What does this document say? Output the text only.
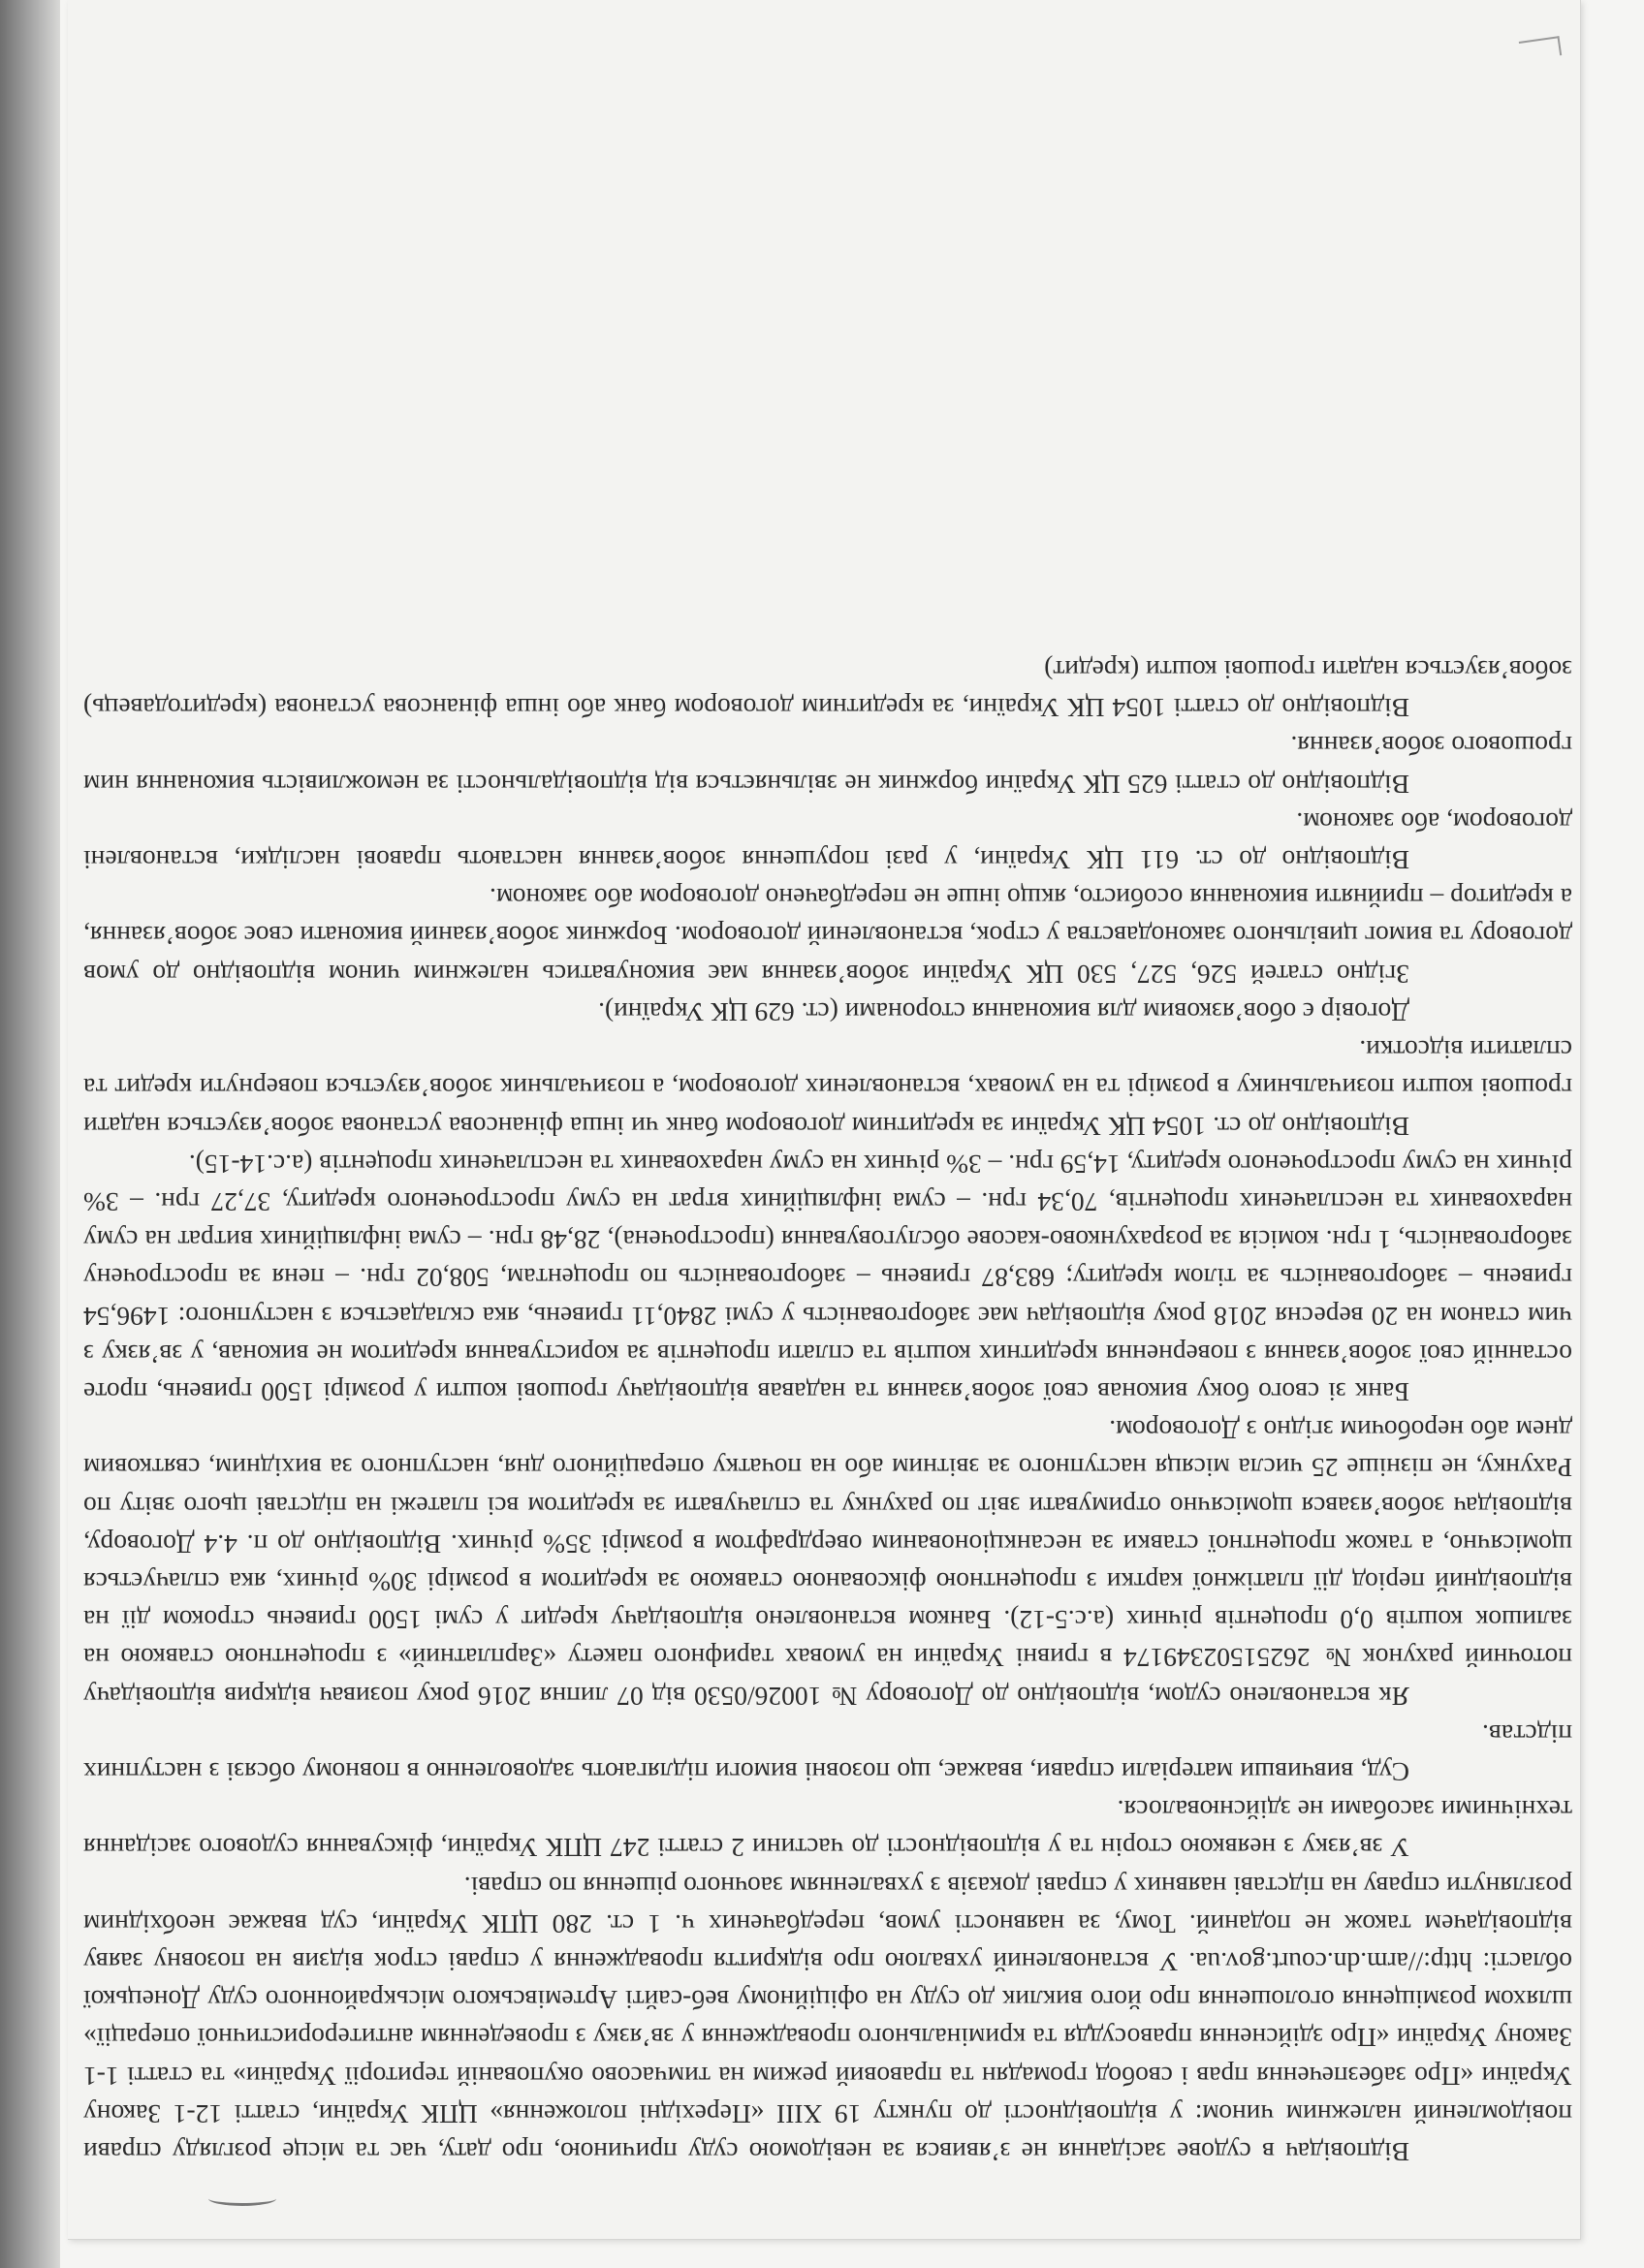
Відповідач в судове засідання не з’явився за невідомою суду причиною, про дату, час та місце розгляду справи повідомлений належним чином: у відповідності до пункту 19 ХІІІ «Перехідні положення» ЦПК України, статті 12-1 Закону України «Про забезпечення прав і свобод громадян та правовий режим на тимчасово окупованій території України» та статті 1-1 Закону України «Про здійснення правосуддя та кримінального провадження у зв’язку з проведенням антитерористичної операції» шляхом розміщення оголошення про його виклик до суду на офіційному веб-сайті Артемівського міськрайонного суду Донецької області: http://arm.dn.court.gov.ua. У встановлений ухвалою про відкриття провадження у справі строк відзив на позовну заяву відповідачем також не поданий. Тому, за наявності умов, передбачених ч. 1 ст. 280 ЦПК України, суд вважає необхідним розглянути справу на підставі наявних у справі доказів з ухваленням заочного рішення по справі.

У зв’язку з неявкою сторін та у відповідності до частини 2 статті 247 ЦПК України, фіксування судового засідання технічними засобами не здійснювалося.

Суд, вивчивши матеріали справи, вважає, що позовні вимоги підлягають задоволенню в повному обсязі з наступних підстав.

Як встановлено судом, відповідно до Договору № 10026/0530 від 07 липня 2016 року позивач відкрив відповідачу поточний рахунок № 26251502349174 в гривні України на умовах тарифного пакету «Зарплатний» з процентною ставкою на залишок коштів 0,0 процентів річних (а.с.5-12). Банком встановлено відповідачу кредит у сумі 1500 гривень строком дії на відповідний період дії платіжної картки з процентною фіксованою ставкою за кредитом в розмірі 30% річних, яка сплачується щомісячно, а також процентної ставки за несанкціонованим овердрафтом в розмірі 35% річних. Відповідно до п. 4.4 Договору, відповідач зобов’язався щомісячно отримувати звіт по рахунку та сплачувати за кредитом всі платежі на підставі цього звіту по Рахунку, не пізніше 25 числа місяця наступного за звітним або на початку операційного дня, наступного за вихідним, святковим днем або неробочим згідно з Договором.

Банк зі свого боку виконав свої зобов’язання та надавав відповідачу грошові кошти у розмірі 1500 гривень, проте останній свої зобов’язання з повернення кредитних коштів та сплати процентів за користування кредитом не виконав, у зв’язку з чим станом на 20 вересня 2018 року відповідач має заборгованість у сумі 2840,11 гривень, яка складається з наступного: 1496,54 гривень – заборгованість за тілом кредиту; 683,87 гривень – заборгованість по процентам, 508,02 грн. – пеня за прострочену заборгованість, 1 грн. комісія за розрахунково-касове обслуговування (прострочена), 28,48 грн. – сума інфляційних витрат на суму нарахованих та несплачених процентів, 70,34 грн. – сума інфляційних втрат на суму простроченого кредиту, 37,27 грн. – 3% річних на суму простроченого кредиту, 14,59 грн. – 3% річних на суму нарахованих та несплачених процентів (а.с.14-15).

Відповідно до ст. 1054 ЦК України за кредитним договором банк чи інша фінансова установа зобов’язується надати грошові кошти позичальнику в розмірі та на умовах, встановлених договором, а позичальник зобов’язується повернути кредит та сплатити відсотки.

Договір є обов’язковим для виконання сторонами (ст. 629 ЦК України).

Згідно статей 526, 527, 530 ЦК України зобов’язання має виконуватись належним чином відповідно до умов договору та вимог цивільного законодавства у строк, встановлений договором. Боржник зобов’язаний виконати своє зобов’язання, а кредитор – прийняти виконання особисто, якщо інше не передбачено договором або законом.

Відповідно до ст. 611 ЦК України, у разі порушення зобов’язання настають правові наслідки, встановлені договором, або законом.

Відповідно до статті 625 ЦК України боржник не звільняється від відповідальності за неможливість виконання ним грошового зобов’язання.

Відповідно до статті 1054 ЦК України, за кредитним договором банк або інша фінансова установа (кредитодавець) зобов’язується надати грошові кошти (кредит)
